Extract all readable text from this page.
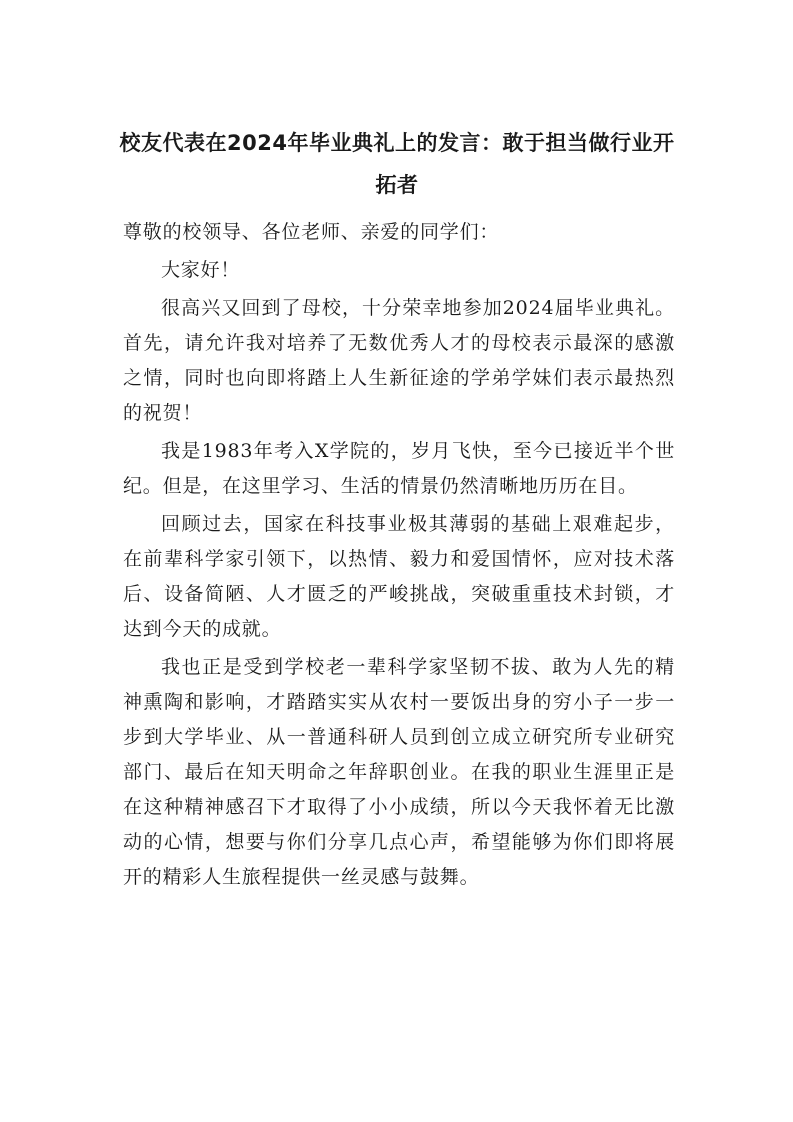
校友代表在2024年毕业典礼上的发言：敢于担当做行业开拓者

尊敬的校领导、各位老师、亲爱的同学们：

大家好！

很高兴又回到了母校，十分荣幸地参加2024届毕业典礼。首先，请允许我对培养了无数优秀人才的母校表示最深的感激之情，同时也向即将踏上人生新征途的学弟学妹们表示最热烈的祝贺！

我是1983年考入X学院的，岁月飞快，至今已接近半个世纪。但是，在这里学习、生活的情景仍然清晰地历历在目。

回顾过去，国家在科技事业极其薄弱的基础上艰难起步，在前辈科学家引领下，以热情、毅力和爱国情怀，应对技术落后、设备简陋、人才匮乏的严峻挑战，突破重重技术封锁，才达到今天的成就。

我也正是受到学校老一辈科学家坚韧不拔、敢为人先的精神熏陶和影响，才踏踏实实从农村一要饭出身的穷小子一步一步到大学毕业、从一普通科研人员到创立成立研究所专业研究部门、最后在知天明命之年辞职创业。在我的职业生涯里正是在这种精神感召下才取得了小小成绩，所以今天我怀着无比激动的心情，想要与你们分享几点心声，希望能够为你们即将展开的精彩人生旅程提供一丝灵感与鼓舞。
